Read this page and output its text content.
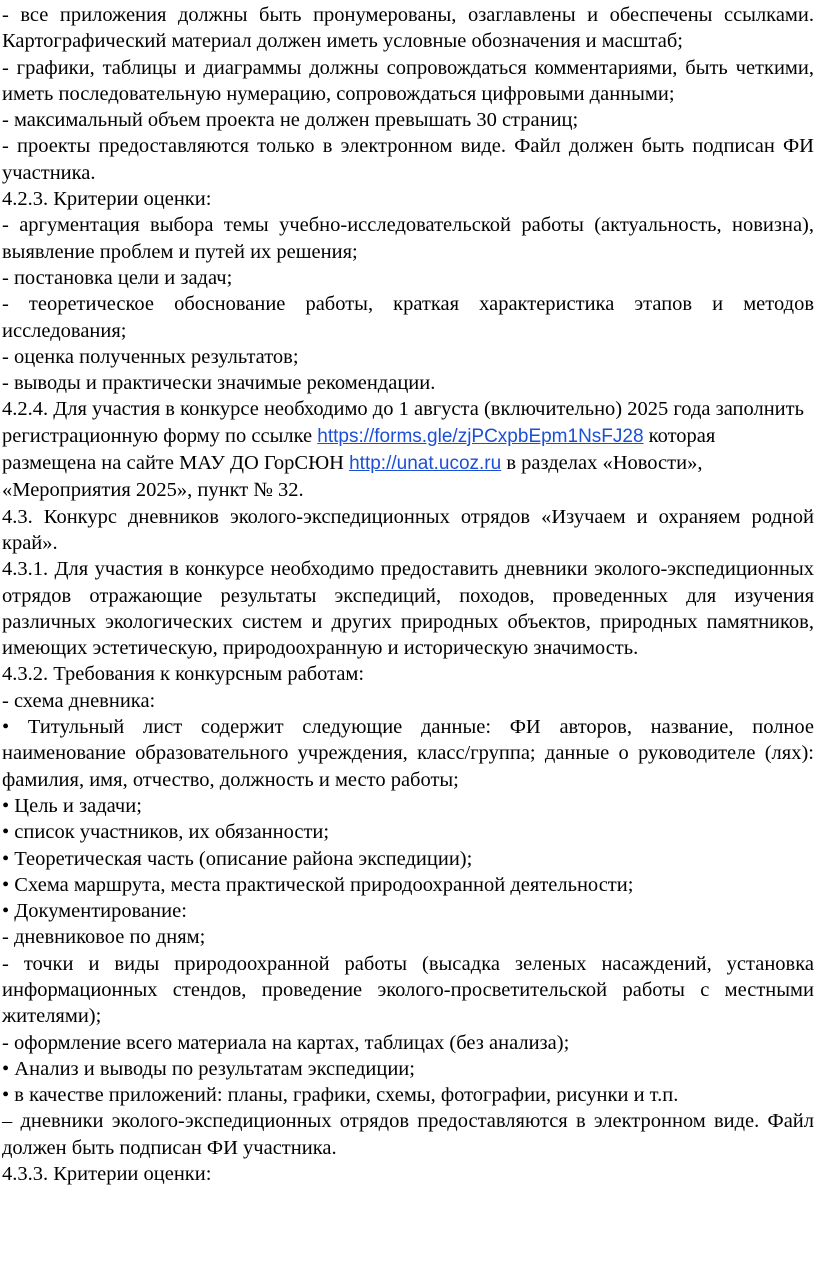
- все приложения должны быть пронумерованы, озаглавлены и обеспечены ссылками. Картографический материал должен иметь условные обозначения и масштаб;

- графики, таблицы и диаграммы должны сопровождаться комментариями, быть четкими, иметь последовательную нумерацию, сопровождаться цифровыми данными;

- максимальный объем проекта не должен превышать 30 страниц;

- проекты предоставляются только в электронном виде. Файл должен быть подписан ФИ участника.

4.2.3. Критерии оценки:

- аргументация выбора темы учебно-исследовательской работы (актуальность, новизна), выявление проблем и путей их решения;

- постановка цели и задач;

- теоретическое обоснование работы, краткая характеристика этапов и методов исследования;

- оценка полученных результатов;

- выводы и практически значимые рекомендации.

4.2.4. Для участия в конкурсе необходимо до 1 августа (включительно) 2025 года заполнить регистрационную форму по ссылке https://forms.gle/zjPCxpbEpm1NsFJ28 которая размещена на сайте МАУ ДО ГорСЮН http://unat.ucoz.ru в разделах «Новости», «Мероприятия 2025», пункт № 32.

4.3. Конкурс дневников эколого-экспедиционных отрядов «Изучаем и охраняем родной край».

4.3.1. Для участия в конкурсе необходимо предоставить дневники эколого-экспедиционных отрядов отражающие результаты экспедиций, походов, проведенных для изучения различных экологических систем и других природных объектов, природных памятников, имеющих эстетическую, природоохранную и историческую значимость.

4.3.2. Требования к конкурсным работам:

- схема дневника:

• Титульный лист содержит следующие данные: ФИ авторов, название, полное наименование образовательного учреждения, класс/группа; данные о руководителе (лях): фамилия, имя, отчество, должность и место работы;

• Цель и задачи;

• список участников, их обязанности;

• Теоретическая часть (описание района экспедиции);

• Схема маршрута, места практической природоохранной деятельности;

• Документирование:

- дневниковое по дням;

- точки и виды природоохранной работы (высадка зеленых насаждений, установка информационных стендов, проведение эколого-просветительской работы с местными жителями);

- оформление всего материала на картах, таблицах (без анализа);

• Анализ и выводы по результатам экспедиции;

• в качестве приложений: планы, графики, схемы, фотографии, рисунки и т.п.

– дневники эколого-экспедиционных отрядов предоставляются в электронном виде. Файл должен быть подписан ФИ участника.

4.3.3. Критерии оценки:
